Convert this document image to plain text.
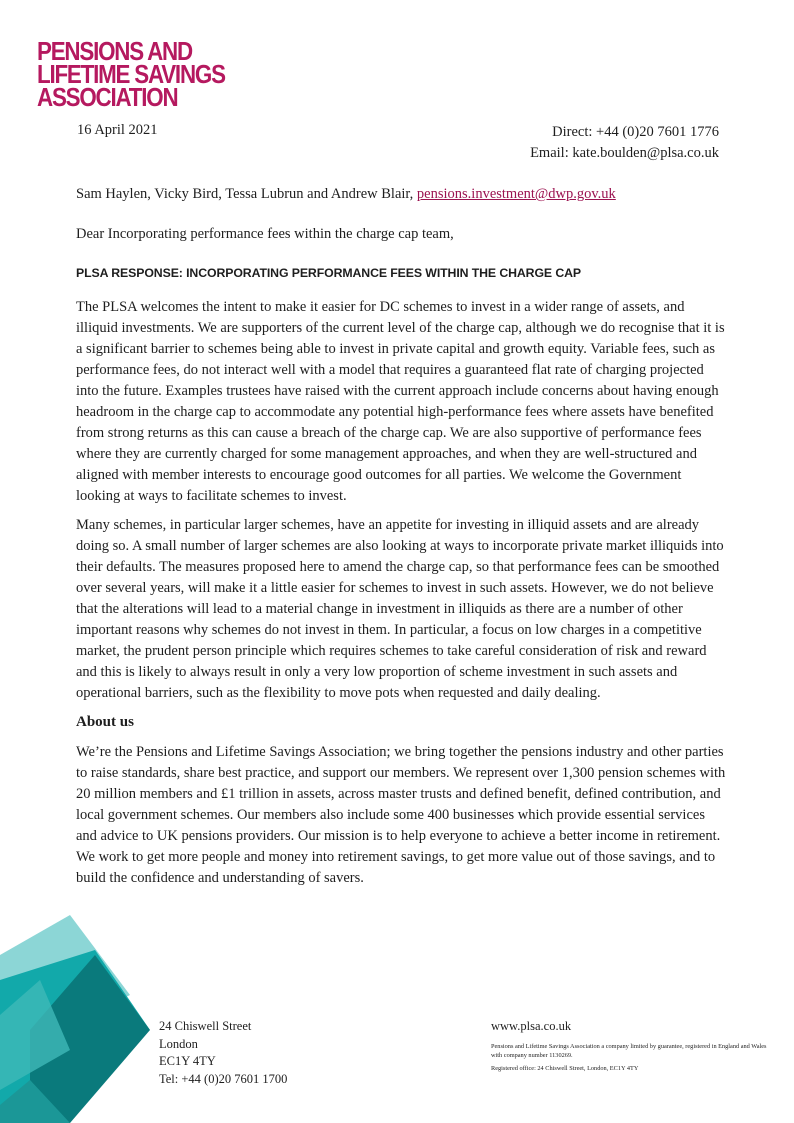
PENSIONS AND
LIFETIME SAVINGS
ASSOCIATION
16 April 2021	Direct: +44 (0)20 7601 1776
Email: kate.boulden@plsa.co.uk

Sam Haylen, Vicky Bird, Tessa Lubrun and Andrew Blair, pensions.investment@dwp.gov.uk

Dear Incorporating performance fees within the charge cap team,

PLSA RESPONSE: INCORPORATING PERFORMANCE FEES WITHIN THE CHARGE CAP

The PLSA welcomes the intent to make it easier for DC schemes to invest in a wider range of assets, and illiquid investments. We are supporters of the current level of the charge cap, although we do recognise that it is a significant barrier to schemes being able to invest in private capital and growth equity. Variable fees, such as performance fees, do not interact well with a model that requires a guaranteed flat rate of charging projected into the future. Examples trustees have raised with the current approach include concerns about having enough headroom in the charge cap to accommodate any potential high-performance fees where assets have benefited from strong returns as this can cause a breach of the charge cap. We are also supportive of performance fees where they are currently charged for some management approaches, and when they are well-structured and aligned with member interests to encourage good outcomes for all parties. We welcome the Government looking at ways to facilitate schemes to invest.

Many schemes, in particular larger schemes, have an appetite for investing in illiquid assets and are already doing so. A small number of larger schemes are also looking at ways to incorporate private market illiquids into their defaults. The measures proposed here to amend the charge cap, so that performance fees can be smoothed over several years, will make it a little easier for schemes to invest in such assets. However, we do not believe that the alterations will lead to a material change in investment in illiquids as there are a number of other important reasons why schemes do not invest in them. In particular, a focus on low charges in a competitive market, the prudent person principle which requires schemes to take careful consideration of risk and reward and this is likely to always result in only a very low proportion of scheme investment in such assets and operational barriers, such as the flexibility to move pots when requested and daily dealing.

About us

We’re the Pensions and Lifetime Savings Association; we bring together the pensions industry and other parties to raise standards, share best practice, and support our members. We represent over 1,300 pension schemes with 20 million members and £1 trillion in assets, across master trusts and defined benefit, defined contribution, and local government schemes. Our members also include some 400 businesses which provide essential services and advice to UK pensions providers. Our mission is to help everyone to achieve a better income in retirement. We work to get more people and money into retirement savings, to get more value out of those savings, and to build the confidence and understanding of savers.

24 Chiswell Street
London
EC1Y 4TY
Tel: +44 (0)20 7601 1700
www.plsa.co.uk

Pensions and Lifetime Savings Association a company limited by guarantee, registered in England and Wales with company number 1130269.

Registered office: 24 Chiswell Street, London, EC1Y 4TY
